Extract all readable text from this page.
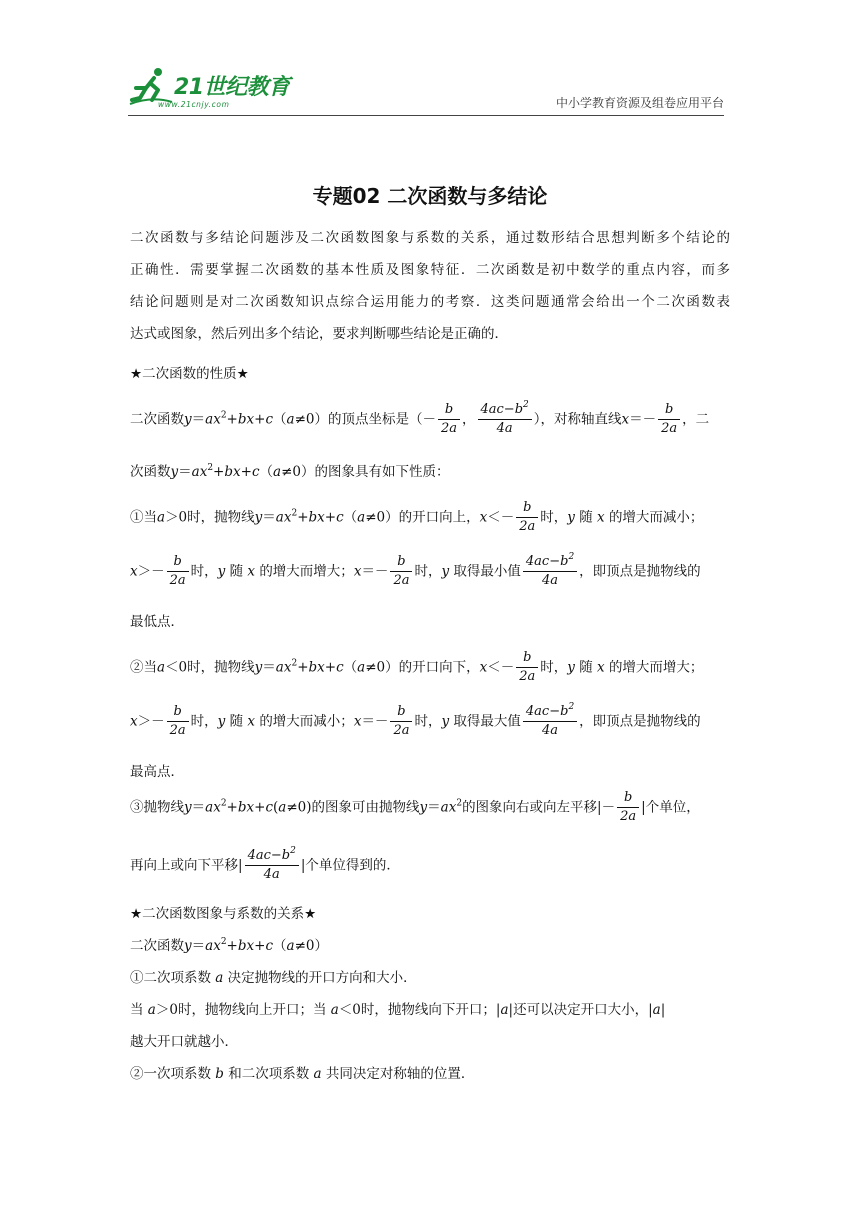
21世纪教育
www.21cnjy.com	中小学教育资源及组卷应用平台
专题02 二次函数与多结论
二次函数与多结论问题涉及二次函数图象与系数的关系，通过数形结合思想判断多个结论的
正确性．需要掌握二次函数的基本性质及图象特征．二次函数是初中数学的重点内容，而多
结论问题则是对二次函数知识点综合运用能力的考察．这类问题通常会给出一个二次函数表
达式或图象，然后列出多个结论，要求判断哪些结论是正确的．
★二次函数的性质★
二次函数$y=ax^2+bx+c(a\ne 0)$的顶点坐标是（－ $\frac{b}{2a}$ ， $\frac{4ac-b^2}{4a}$ ），对称轴直线$x=- \frac{b}{2a}$ ，二
次函数$y=ax^2+bx+c(a\ne 0)$的图象具有如下性质：
①当a＞0时，抛物线$y=ax^2+bx+c(a\ne 0)$的开口向上，$x<- \frac{b}{2a}$ 时，y 随 x 的增大而减小；
$x>- \frac{b}{2a}$ 时，y 随 x 的增大而增大；$x=- \frac{b}{2a}$ 时，y 取得最小值 $\frac{4ac-b^2}{4a}$ ，即顶点是抛物线的
最低点．
②当a＜0时，抛物线$y=ax^2+bx+c(a\ne 0)$的开口向下，$x<- \frac{b}{2a}$ 时，y 随 x 的增大而增大；
$x>- \frac{b}{2a}$ 时，y 随 x 的增大而减小；$x=- \frac{b}{2a}$ 时，y 取得最大值 $\frac{4ac-b^2}{4a}$ ，即顶点是抛物线的
最高点．
③抛物线$y=ax^2+bx+c(a\ne 0)$的图象可由抛物线$y=ax^2$的图象向右或向左平移|－ $\frac{b}{2a}$ |个单位，
再向上或向下平移| $\frac{4ac-b^2}{4a}$ |个单位得到的．
★二次函数图象与系数的关系★
二次函数$y=ax^2+bx+c(a\ne 0)$
①二次项系数 a 决定抛物线的开口方向和大小．
当 a＞0时，抛物线向上开口；当 a＜0时，抛物线向下开口；|a|还可以决定开口大小，|a|
越大开口就越小．
②一次项系数 b 和二次项系数 a 共同决定对称轴的位置．
